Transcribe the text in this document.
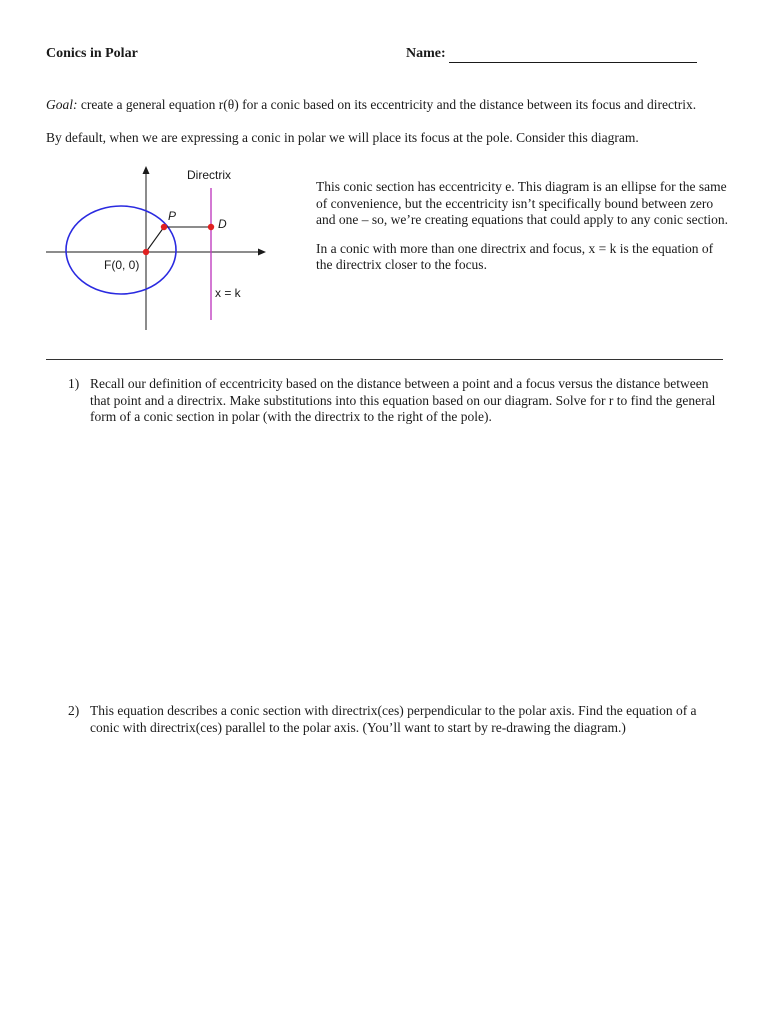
Conics in Polar	Name:
Goal: create a general equation r(θ) for a conic based on its eccentricity and the distance between its focus and directrix.
By default, when we are expressing a conic in polar we will place its focus at the pole. Consider this diagram.
Directrix
P
D
F(0, 0)
x = k

This conic section has eccentricity e. This diagram is an ellipse for the same of convenience, but the eccentricity isn’t specifically bound between zero and one – so, we’re creating equations that could apply to any conic section.

In a conic with more than one directrix and focus, x = k is the equation of the directrix closer to the focus.

1) Recall our definition of eccentricity based on the distance between a point and a focus versus the distance between that point and a directrix. Make substitutions into this equation based on our diagram. Solve for r to find the general form of a conic section in polar (with the directrix to the right of the pole).
2) This equation describes a conic section with directrix(ces) perpendicular to the polar axis. Find the equation of a conic with directrix(ces) parallel to the polar axis. (You’ll want to start by re-drawing the diagram.)
